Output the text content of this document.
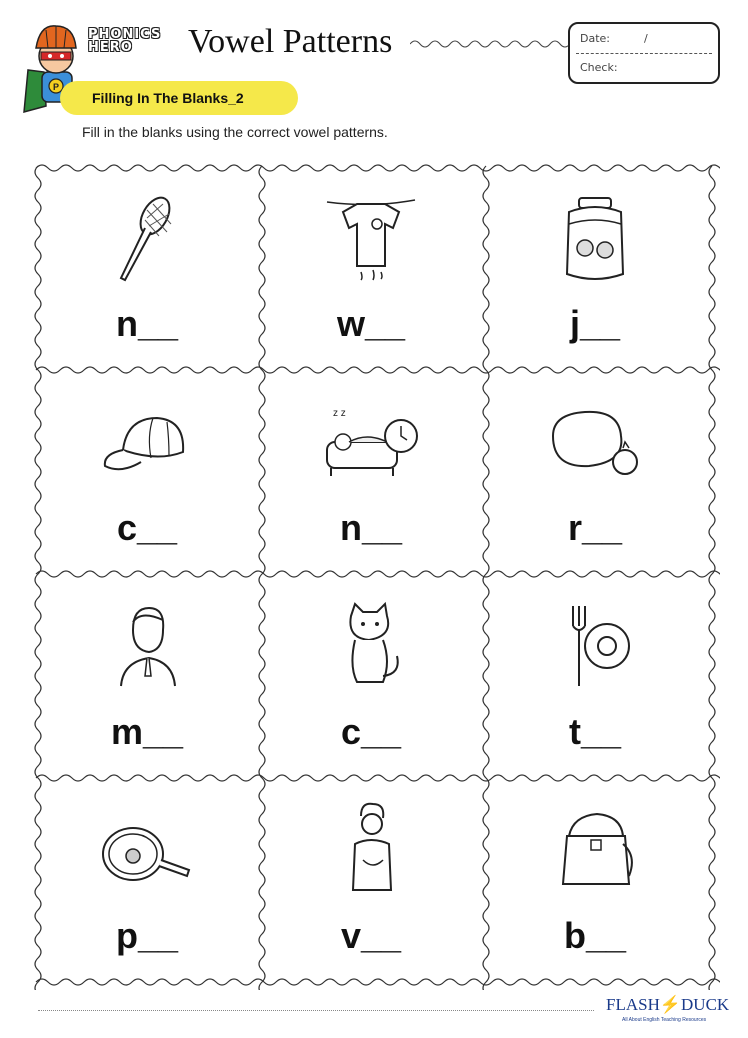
P
PHONICS
HERO	Vowel Patterns	Date:	/
Check:
Filling In The Blanks_2
Fill in the blanks using the correct vowel patterns.
n__	w__	j__
c__
z z
n__	r__
m__	c__	t__
p__	v__	b__
FLASH⚡DUCK
All About English Teaching Resources
